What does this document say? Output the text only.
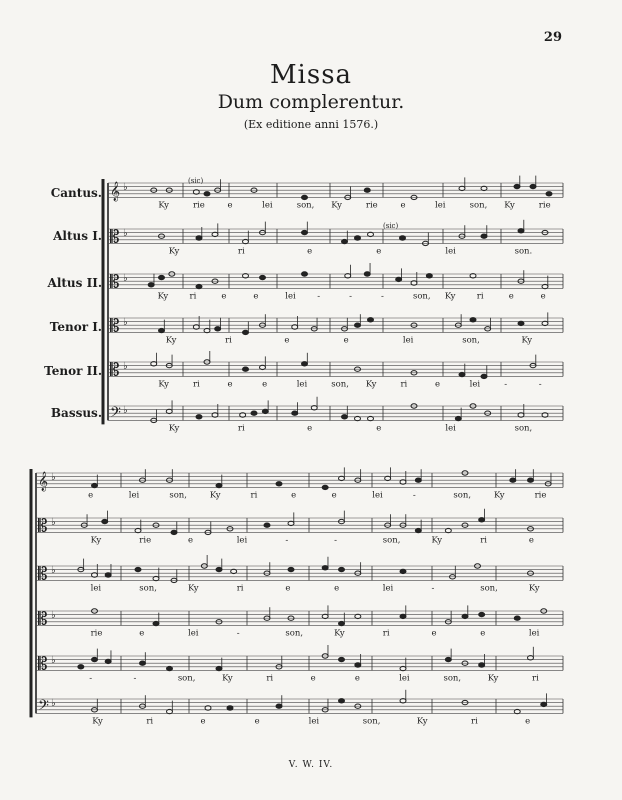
29
Missa
Dum complerentur.
(Ex editione anni 1576.)
Cantus.
Altus I.
Altus II.
Tenor I.
Tenor II.
Bassus.
𝄞 ♭
Ky	rie	e	lei	son, Ky	rie	e	lei	son, Ky	rie
𝄡 ♭
Ky	ri	e	e	lei	son.
𝄡 ♭
Ky	ri	e	e	lei	-	-	-	son, Ky	ri	e	e
𝄡 ♭
Ky	ri	e	e	lei	son,	Ky
𝄡 ♭
Ky	ri	e	e	lei	son, Ky	ri	e	lei	-	-
𝄢 ♭
Ky	ri	e	e	lei	son,
𝄞 ♭
e	lei	son,	Ky	ri	e	e	lei	-	son,	Ky	rie
𝄡 ♭
Ky	rie	e	lei	-	-	son,	Ky	ri	e
𝄡 ♭
lei	son,	Ky	ri	e	e	lei	-	son,	Ky
𝄡 ♭
rie	e	lei	-	son,	Ky	ri	e	e	lei
𝄡 ♭
-	-	son,	Ky	ri	e	e	lei	son,	Ky	ri
𝄢 ♭
Ky	ri	e	e	lei	son,	Ky	ri	e
(sic)
(sic)
V. W. IV.
